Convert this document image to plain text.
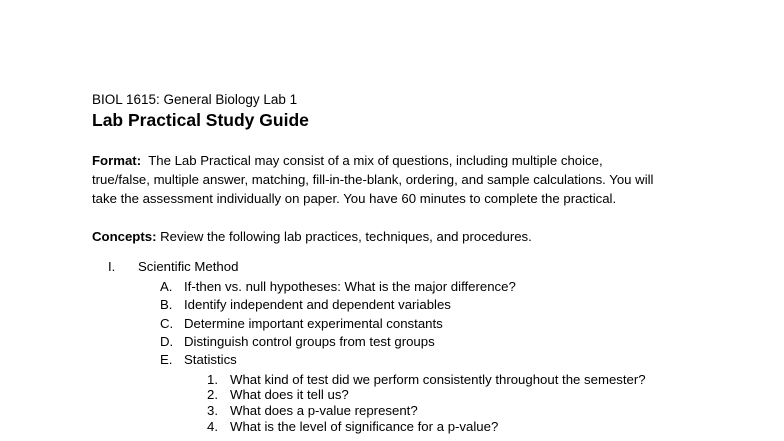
BIOL 1615: General Biology Lab 1
Lab Practical Study Guide
Format: The Lab Practical may consist of a mix of questions, including multiple choice,
true/false, multiple answer, matching, fill-in-the-blank, ordering, and sample calculations. You will
take the assessment individually on paper. You have 60 minutes to complete the practical.
Concepts: Review the following lab practices, techniques, and procedures.
I. Scientific Method
A. If-then vs. null hypotheses: What is the major difference?
B. Identify independent and dependent variables
C. Determine important experimental constants
D. Distinguish control groups from test groups
E. Statistics
1. What kind of test did we perform consistently throughout the semester?
2. What does it tell us?
3. What does a p-value represent?
4. What is the level of significance for a p-value?
